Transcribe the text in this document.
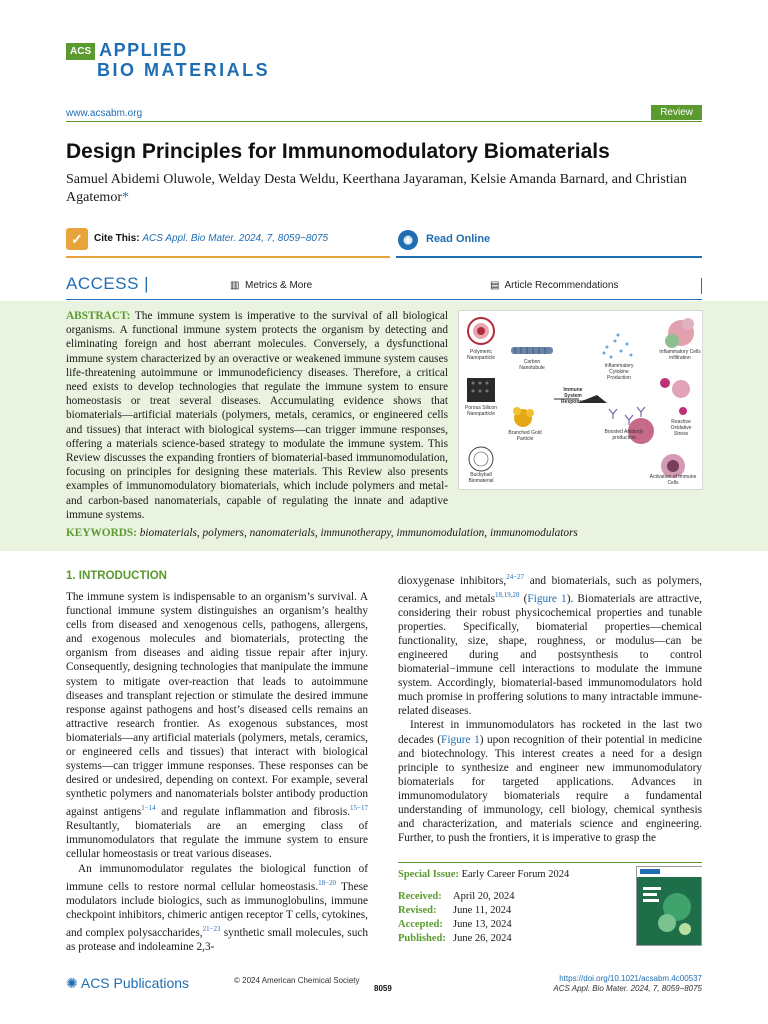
ACS APPLIED
BIO MATERIALS
www.acsabm.org	Review
Design Principles for Immunomodulatory Biomaterials
Samuel Abidemi Oluwole, Welday Desta Weldu, Keerthana Jayaraman, Kelsie Amanda Barnard, and Christian Agatemor*
✓	Cite This: ACS Appl. Bio Mater. 2024, 7, 8059−8075	◉	Read Online
ACCESS |	▥ Metrics & More	▤ Article Recommendations
ABSTRACT: The immune system is imperative to the survival of all biological organisms. A functional immune system protects the organism by detecting and eliminating foreign and host aberrant molecules. Conversely, a dysfunctional immune system characterized by an overactive or weakened immune system causes life-threatening autoimmune or immunodeficiency diseases. Therefore, a critical need exists to develop technologies that regulate the immune system to ensure homeostasis or treat several diseases. Accumulating evidence shows that biomaterials—artificial materials (polymers, metals, ceramics, or engineered cells and tissues) that interact with biological systems—can trigger immune responses, offering a materials science-based strategy to modulate the immune system. This Review discusses the expanding frontiers of biomaterial-based immunomodulation, focusing on principles for designing these materials. This Review also presents examples of immunomodulatory biomaterials, which include polymers and metal- and carbon-based nanomaterials, capable of regulating the innate and adaptive immune systems.
Polymeric Nanoparticle
Carbon Nanotubule	Inflammatory Cytokine Production
Inflammatory Cells infiltration
Porous Silicon Nanoparticle
Immune System Response
Branched Gold Particle
Boosted Antibody production
Reactive Oxidative Stress
Buckyball Biomaterial
Activation of Immune Cells
KEYWORDS: biomaterials, polymers, nanomaterials, immunotherapy, immunomodulation, immunomodulators
1. INTRODUCTION

The immune system is indispensable to an organism’s survival. A functional immune system distinguishes an organism’s healthy cells from diseased and xenogenous cells, pathogens, allergens, and exogenous molecules and biomaterials, protecting the organism from diseases and aiding tissue repair after injury. Consequently, designing technologies that manipulate the immune system to mitigate over-reaction that leads to autoimmune diseases and transplant rejection or stimulate the desired immune response against pathogens and host’s diseased cells remains an attractive research frontier. As exogenous substances, most biomaterials—any artificial materials (polymers, metals, ceramics, or engineered cells and tissues) that interact with biological systems—can trigger immune responses. These responses can be desired or undesired, depending on context. For example, several synthetic polymers and nanomaterials bolster antibody production against antigens$^{1-14}$ and regulate inflammation and fibrosis.$^{15-17}$ Resultantly, biomaterials are an emerging class of immunomodulators that regulate the immune system to ensure cellular homeostasis or treat various diseases.

An immunomodulator regulates the biological function of immune cells to restore normal cellular homeostasis.$^{18-20}$ These modulators include biologics, such as immunoglobulins, immune checkpoint inhibitors, chimeric antigen receptor T cells, cytokines, and complex polysaccharides,$^{21-23}$ synthetic small molecules, such as protease and indoleamine 2,3-

dioxygenase inhibitors,$^{24-27}$ and biomaterials, such as polymers, ceramics, and metals$^{18,19,28}$ (Figure 1). Biomaterials are attractive, considering their robust physicochemical properties and tunable properties. Specifically, biomaterial properties—chemical functionality, size, shape, roughness, or modulus—can be engineered during and postsynthesis to control biomaterial−immune cell interactions to modulate the immune system. Accordingly, biomaterial-based immunomodulators hold much promise in proffering solutions to many intractable immune-related diseases.

Interest in immunomodulators has rocketed in the last two decades (Figure 1) upon recognition of their potential in medicine and biotechnology. This interest creates a need for a design principle to synthesize and engineer new immunomodulatory biomaterials for targeted applications. Advances in immunomodulatory biomaterials require a fundamental understanding of immunology, cell biology, chemical synthesis and characterization, and materials science and engineering. Further, to push the frontiers, it is imperative to grasp the

Special Issue: Early Career Forum 2024
Received: April 20, 2024
Revised: June 11, 2024
Accepted: June 13, 2024
Published: June 26, 2024
✺ ACS Publications	© 2024 American Chemical Society
8059
https://doi.org/10.1021/acsabm.4c00537
ACS Appl. Bio Mater. 2024, 7, 8059−8075
